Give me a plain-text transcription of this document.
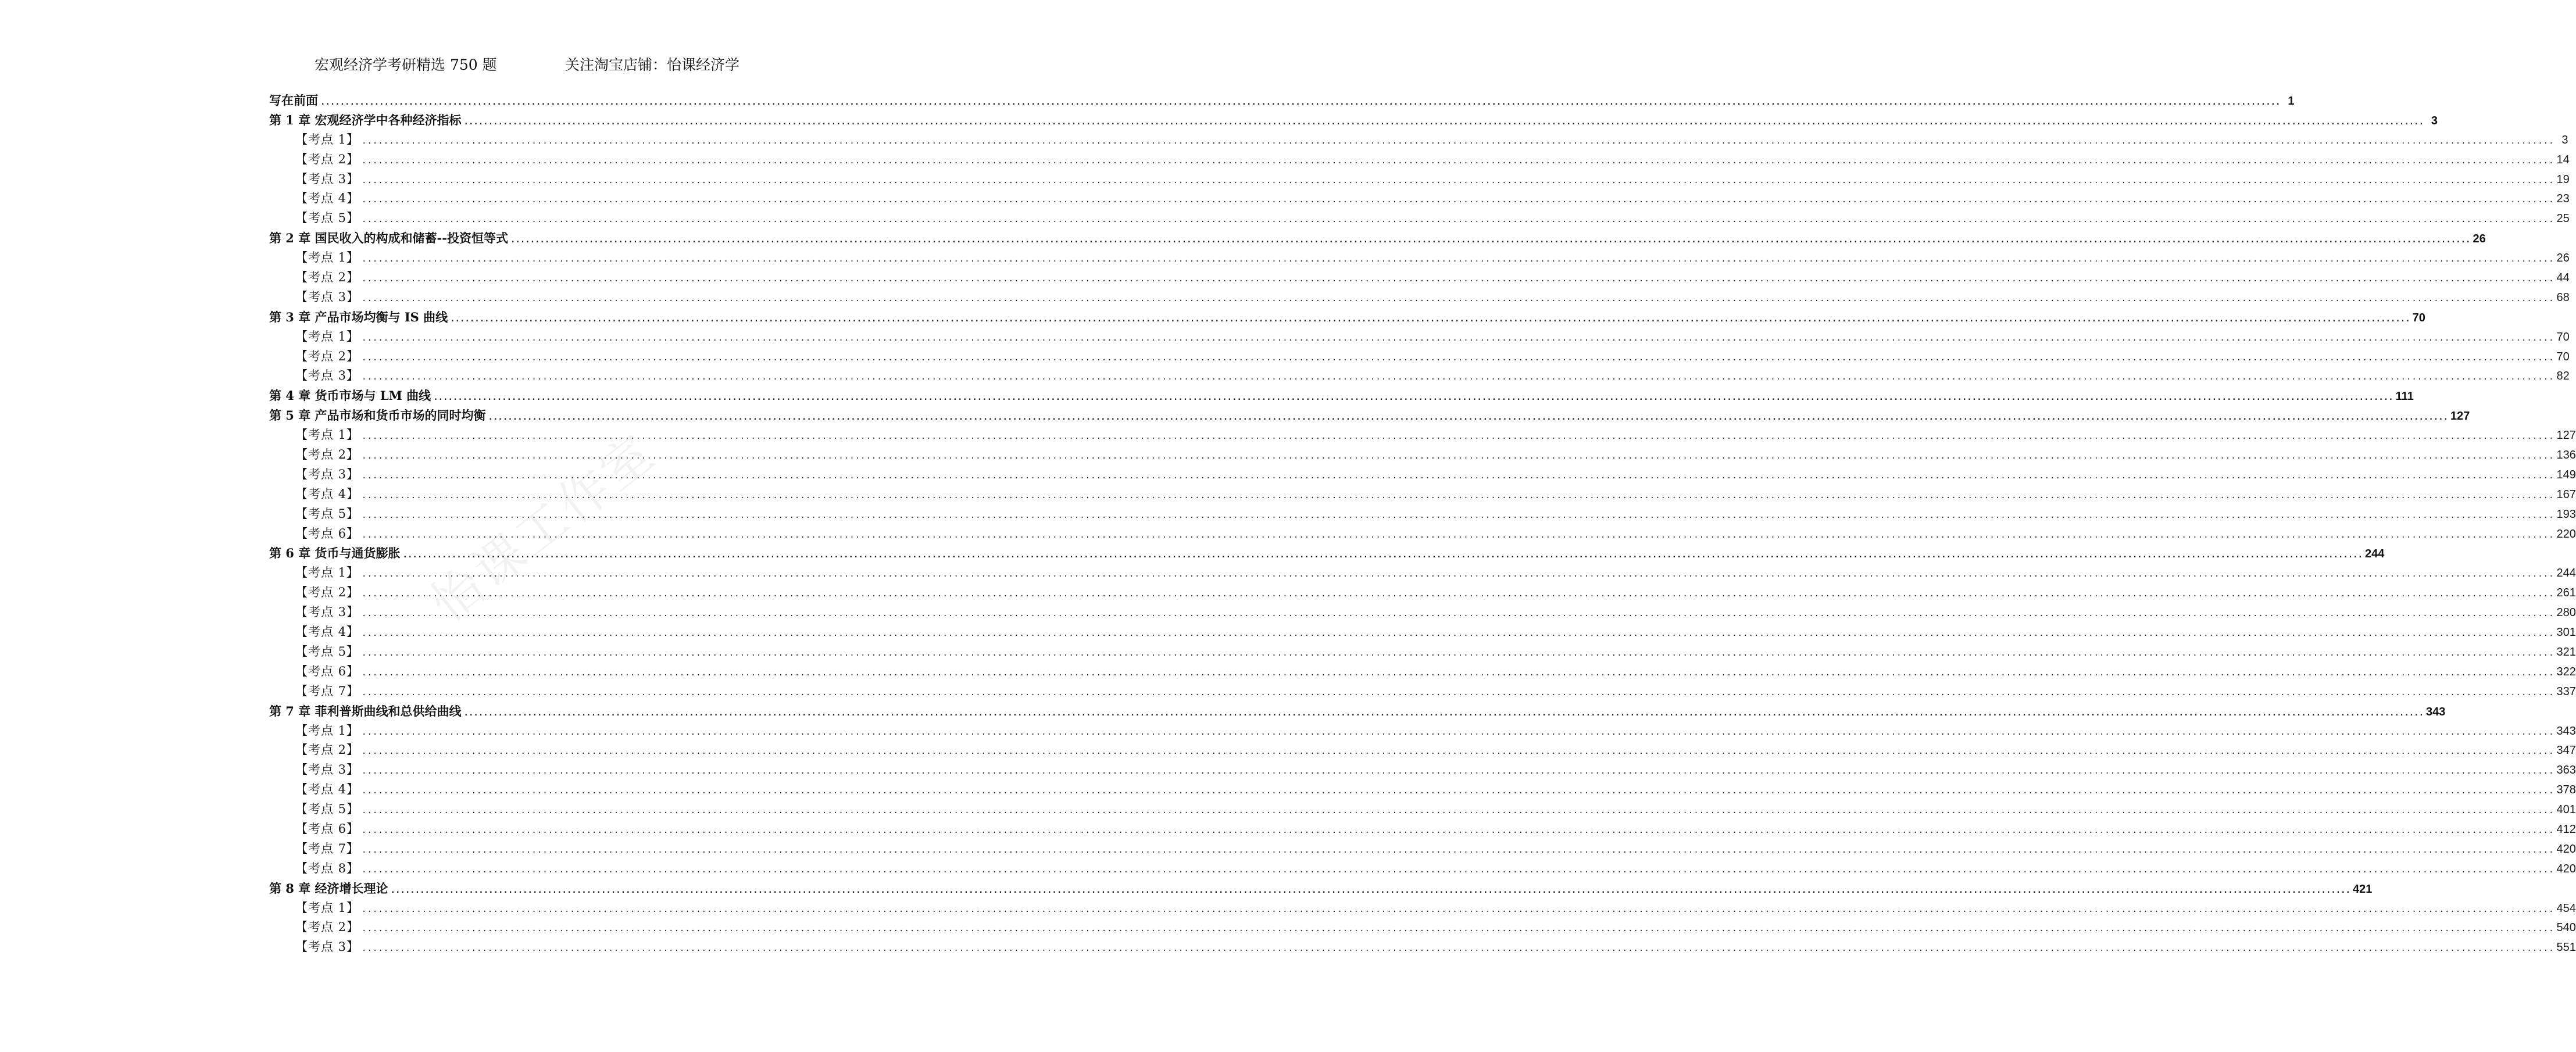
宏观经济学考研精选 750 题	关注淘宝店铺：怡课经济学
怡课工作室
写在前面 ................................................................................................................................................................................................................................................................................................................................................................................................................ 1
第 1 章 宏观经济学中各种经济指标 ................................................................................................................................................................................................................................................................................................................................................................................................................ 3
【考点 1】 ................................................................................................................................................................................................................................................................................................................................................................................................................ 3
【考点 2】 ................................................................................................................................................................................................................................................................................................................................................................................................................ 14
【考点 3】 ................................................................................................................................................................................................................................................................................................................................................................................................................ 19
【考点 4】 ................................................................................................................................................................................................................................................................................................................................................................................................................ 23
【考点 5】 ................................................................................................................................................................................................................................................................................................................................................................................................................ 25
第 2 章 国民收入的构成和储蓄--投资恒等式 ................................................................................................................................................................................................................................................................................................................................................................................................................ 26
【考点 1】 ................................................................................................................................................................................................................................................................................................................................................................................................................ 26
【考点 2】 ................................................................................................................................................................................................................................................................................................................................................................................................................ 44
【考点 3】 ................................................................................................................................................................................................................................................................................................................................................................................................................ 68
第 3 章 产品市场均衡与 IS 曲线 ................................................................................................................................................................................................................................................................................................................................................................................................................ 70
【考点 1】 ................................................................................................................................................................................................................................................................................................................................................................................................................ 70
【考点 2】 ................................................................................................................................................................................................................................................................................................................................................................................................................ 70
【考点 3】 ................................................................................................................................................................................................................................................................................................................................................................................................................ 82
第 4 章 货币市场与 LM 曲线 ................................................................................................................................................................................................................................................................................................................................................................................................................ 111
第 5 章 产品市场和货币市场的同时均衡 ................................................................................................................................................................................................................................................................................................................................................................................................................ 127
【考点 1】 ................................................................................................................................................................................................................................................................................................................................................................................................................ 127
【考点 2】 ................................................................................................................................................................................................................................................................................................................................................................................................................ 136
【考点 3】 ................................................................................................................................................................................................................................................................................................................................................................................................................ 149
【考点 4】 ................................................................................................................................................................................................................................................................................................................................................................................................................ 167
【考点 5】 ................................................................................................................................................................................................................................................................................................................................................................................................................ 193
【考点 6】 ................................................................................................................................................................................................................................................................................................................................................................................................................ 220
第 6 章 货币与通货膨胀 ................................................................................................................................................................................................................................................................................................................................................................................................................ 244
【考点 1】 ................................................................................................................................................................................................................................................................................................................................................................................................................ 244
【考点 2】 ................................................................................................................................................................................................................................................................................................................................................................................................................ 261
【考点 3】 ................................................................................................................................................................................................................................................................................................................................................................................................................ 280
【考点 4】 ................................................................................................................................................................................................................................................................................................................................................................................................................ 301
【考点 5】 ................................................................................................................................................................................................................................................................................................................................................................................................................ 321
【考点 6】 ................................................................................................................................................................................................................................................................................................................................................................................................................ 322
【考点 7】 ................................................................................................................................................................................................................................................................................................................................................................................................................ 337
第 7 章 菲利普斯曲线和总供给曲线 ................................................................................................................................................................................................................................................................................................................................................................................................................ 343
【考点 1】 ................................................................................................................................................................................................................................................................................................................................................................................................................ 343
【考点 2】 ................................................................................................................................................................................................................................................................................................................................................................................................................ 347
【考点 3】 ................................................................................................................................................................................................................................................................................................................................................................................................................ 363
【考点 4】 ................................................................................................................................................................................................................................................................................................................................................................................................................ 378
【考点 5】 ................................................................................................................................................................................................................................................................................................................................................................................................................ 401
【考点 6】 ................................................................................................................................................................................................................................................................................................................................................................................................................ 412
【考点 7】 ................................................................................................................................................................................................................................................................................................................................................................................................................ 420
【考点 8】 ................................................................................................................................................................................................................................................................................................................................................................................................................ 420
第 8 章 经济增长理论 ................................................................................................................................................................................................................................................................................................................................................................................................................ 421
【考点 1】 ................................................................................................................................................................................................................................................................................................................................................................................................................ 454
【考点 2】 ................................................................................................................................................................................................................................................................................................................................................................................................................ 540
【考点 3】 ................................................................................................................................................................................................................................................................................................................................................................................................................ 551
